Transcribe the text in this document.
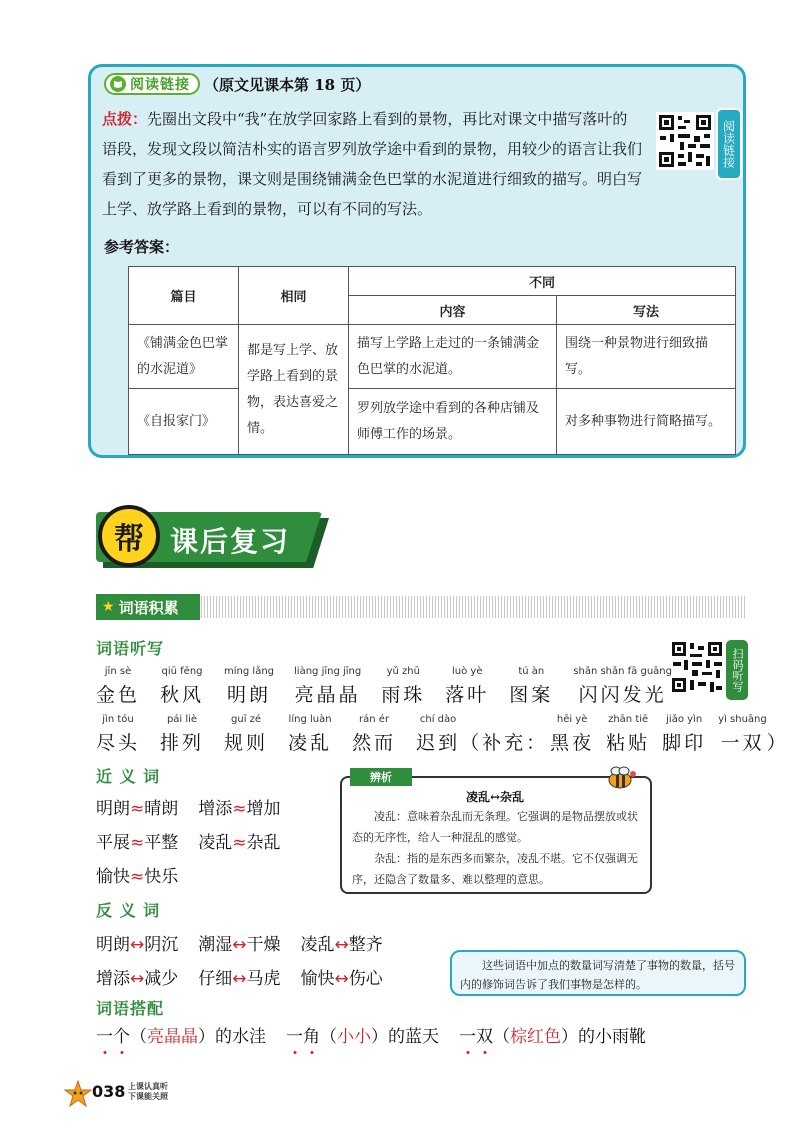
阅读链接 （原文见课本第 18 页）
点拨：先圈出文段中“我”在放学回家路上看到的景物，再比对课文中描写落叶的语段，发现文段以简洁朴实的语言罗列放学途中看到的景物，用较少的语言让我们看到了更多的景物，课文则是围绕铺满金色巴掌的水泥道进行细致的描写。明白写上学、放学路上看到的景物，可以有不同的写法。
阅读链接
参考答案：
篇目	相同	不同	
		内容	写法
《铺满金色巴掌的水泥道》	都是写上学、放学路上看到的景物，表达喜爱之情。	描写上学路上走过的一条铺满金色巴掌的水泥道。	围绕一种景物进行细致描写。
《自报家门》		罗列放学途中看到的各种店铺及师傅工作的场景。	对多种事物进行简略描写。
帮 课后复习
★ 词语积累
词语听写	扫码听写
jīn sè
金色
qiū fēng
秋风
míng lǎng
明朗
liàng jīng jīng
亮晶晶
yǔ zhū
雨珠
luò yè
落叶
tú àn
图案
shǎn shǎn fā guāng
闪闪发光
jìn tóu
尽头
pái liè
排列
guī zé
规则
líng luàn
凌乱
rán ér
然而
chí dào
迟到 （ 补充：
hēi yè
黑夜
zhān tiē
粘贴
jiǎo yìn
脚印
yì shuāng
一双 ）
近 义 词
明朗≈晴朗 增添≈增加
平展≈平整 凌乱≈杂乱
愉快≈快乐
反 义 词
明朗↔阴沉 潮湿↔干燥 凌乱↔整齐
增添↔减少 仔细↔马虎 愉快↔伤心
词语搭配
一个（亮晶晶）的水洼 一角（小小）的蓝天 一双（棕红色）的小雨靴
辨析
凌乱↔杂乱

凌乱：意味着杂乱而无条理。它强调的是物品摆放或状态的无序性，给人一种混乱的感觉。

杂乱：指的是东西多而繁杂，凌乱不堪。它不仅强调无序，还隐含了数量多、难以整理的意思。

这些词语中加点的数量词写清楚了事物的数量，括号内的修饰词告诉了我们事物是怎样的。
038 上课认真听
下课能关照
